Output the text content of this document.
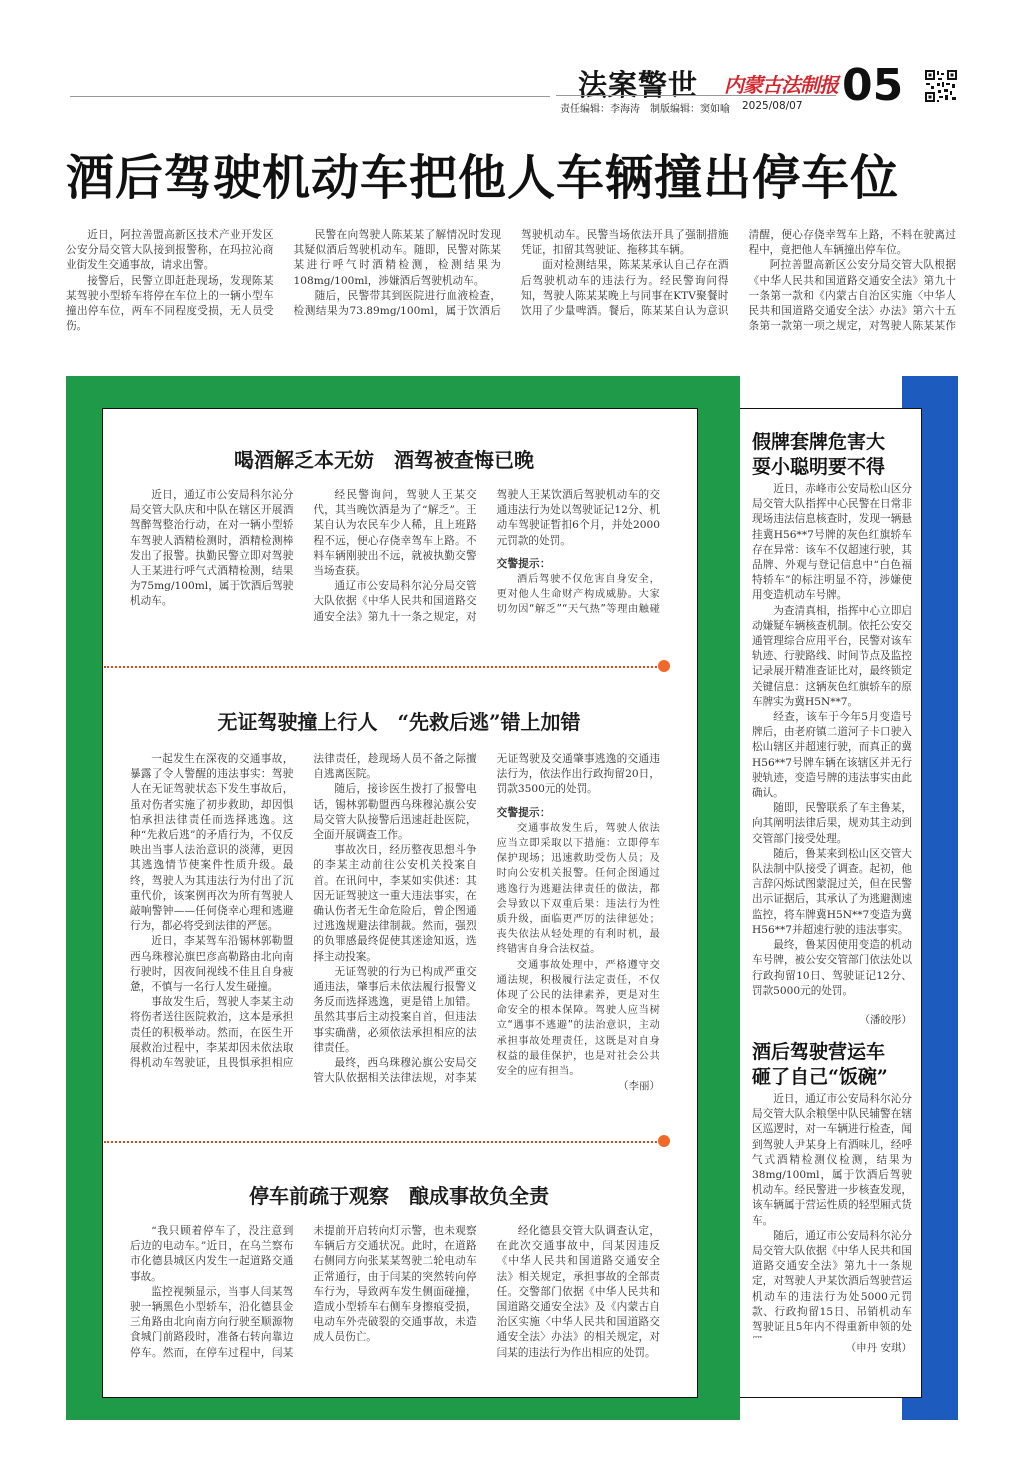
法案警世 内蒙古法制报 05
责任编辑：李海涛　制版编辑：窦如喻 2025/08/07
酒后驾驶机动车把他人车辆撞出停车位

近日，阿拉善盟高新区技术产业开发区公安分局交管大队接到报警称，在玛拉沁商业街发生交通事故，请求出警。

接警后，民警立即赶赴现场，发现陈某某驾驶小型轿车将停在车位上的一辆小型车撞出停车位，两车不同程度受损，无人员受伤。

民警在向驾驶人陈某某了解情况时发现其疑似酒后驾驶机动车。随即，民警对陈某某进行呼气时酒精检测，检测结果为108mg/100ml，涉嫌酒后驾驶机动车。

随后，民警带其到医院进行血液检查，检测结果为73.89mg/100ml，属于饮酒后驾驶机动车。民警当场依法开具了强制措施凭证，扣留其驾驶证、拖移其车辆。

面对检测结果，陈某某承认自己存在酒后驾驶机动车的违法行为。经民警询问得知，驾驶人陈某某晚上与同事在KTV聚餐时饮用了少量啤酒。餐后，陈某某自认为意识清醒，便心存侥幸驾车上路，不料在驶离过程中，竟把他人车辆撞出停车位。

阿拉善盟高新区公安分局交管大队根据《中华人民共和国道路交通安全法》第九十一条第一款和《内蒙古自治区实施〈中华人民共和国道路交通安全法〉办法》第六十五条第一款第一项之规定，对驾驶人陈某某作

喝酒解乏本无妨　酒驾被查悔已晚

近日，通辽市公安局科尔沁分局交管大队庆和中队在辖区开展酒驾醉驾整治行动，在对一辆小型轿车驾驶人酒精检测时，酒精检测棒发出了报警。执勤民警立即对驾驶人王某进行呼气式酒精检测，结果为75mg/100ml，属于饮酒后驾驶机动车。

经民警询问，驾驶人王某交代，其当晚饮酒是为了“解乏”。王某自认为农民车少人稀，且上班路程不远，便心存侥幸驾车上路。不料车辆刚驶出不远，就被执勤交警当场查获。

通辽市公安局科尔沁分局交管大队依据《中华人民共和国道路交通安全法》第九十一条之规定，对驾驶人王某饮酒后驾驶机动车的交通违法行为处以驾驶证记12分、机动车驾驶证暂扣6个月，并处2000元罚款的处罚。

交警提示：

酒后驾驶不仅危害自身安全，更对他人生命财产构成威胁。大家切勿因“解乏”“天气热”等理由触碰

无证驾驶撞上行人　“先救后逃”错上加错

一起发生在深夜的交通事故，暴露了令人警醒的违法事实：驾驶人在无证驾驶状态下发生事故后，虽对伤者实施了初步救助，却因惧怕承担法律责任而选择逃逸。这种“先救后逃”的矛盾行为，不仅反映出当事人法治意识的淡薄，更因其逃逸情节使案件性质升级。最终，驾驶人为其违法行为付出了沉重代价，该案例再次为所有驾驶人敲响警钟——任何侥幸心理和逃避行为，都必将受到法律的严惩。

近日，李某驾车沿锡林郭勒盟西乌珠穆沁旗巴彦高勒路由北向南行驶时，因夜间视线不佳且自身疲惫，不慎与一名行人发生碰撞。

事故发生后，驾驶人李某主动将伤者送往医院救治，这本是承担责任的积极举动。然而，在医生开展救治过程中，李某却因未依法取得机动车驾驶证，且畏惧承担相应法律责任，趁现场人员不备之际擅自逃离医院。

随后，接诊医生拨打了报警电话，锡林郭勒盟西乌珠穆沁旗公安局交管大队接警后迅速赶赴医院，全面开展调查工作。

事故次日，经历整夜思想斗争的李某主动前往公安机关投案自首。在讯问中，李某如实供述：其因无证驾驶这一重大违法事实，在确认伤者无生命危险后，曾企图通过逃逸规避法律制裁。然而，强烈的负罪感最终促使其迷途知返，选择主动投案。

无证驾驶的行为已构成严重交通违法，肇事后未依法履行报警义务反而选择逃逸，更是错上加错。虽然其事后主动投案自首，但违法事实确凿，必须依法承担相应的法律责任。

最终，西乌珠穆沁旗公安局交管大队依据相关法律法规，对李某无证驾驶及交通肇事逃逸的交通违法行为，依法作出行政拘留20日，罚款3500元的处罚。

交警提示：

交通事故发生后，驾驶人依法应当立即采取以下措施：立即停车保护现场；迅速救助受伤人员；及时向公安机关报警。任何企图通过逃逸行为逃避法律责任的做法，都会导致以下双重后果：违法行为性质升级，面临更严厉的法律惩处；丧失依法从轻处理的有利时机，最终错害自身合法权益。

交通事故处理中，严格遵守交通法规，积极履行法定责任，不仅体现了公民的法律素养，更是对生命安全的根本保障。驾驶人应当树立“遇事不逃避”的法治意识，主动承担事故处理责任，这既是对自身权益的最佳保护，也是对社会公共安全的应有担当。

（李丽）

停车前疏于观察　酿成事故负全责

“我只顾着停车了，没注意到后边的电动车。”近日，在乌兰察布市化德县城区内发生一起道路交通事故。

监控视频显示，当事人闫某驾驶一辆黑色小型轿车，沿化德县金三角路由北向南方向行驶至顺源物食城门前路段时，准备右转向靠边停车。然而，在停车过程中，闫某未提前开启转向灯示警，也未观察车辆后方交通状况。此时，在道路右侧同方向张某某驾驶二轮电动车正常通行，由于闫某的突然转向停车行为，导致两车发生侧面碰撞，造成小型轿车右侧车身擦痕受损，电动车外壳破裂的交通事故，未造成人员伤亡。

经化德县交管大队调查认定，在此次交通事故中，闫某因违反《中华人民共和国道路交通安全法》相关规定，承担事故的全部责任。交警部门依据《中华人民共和国道路交通安全法》及《内蒙古自治区实施〈中华人民共和国道路交通安全法〉办法》的相关规定，对闫某的违法行为作出相应的处罚。

假牌套牌危害大　耍小聪明要不得

近日，赤峰市公安局松山区分局交管大队指挥中心民警在日常非现场违法信息核查时，发现一辆悬挂冀H56**7号牌的灰色红旗轿车存在异常：该车不仅超速行驶，其品牌、外观与登记信息中“白色福特轿车”的标注明显不符，涉嫌使用变造机动车号牌。

为查清真相，指挥中心立即启动嫌疑车辆核查机制。依托公安交通管理综合应用平台，民警对该车轨迹、行驶路线、时间节点及监控记录展开精准查证比对，最终锁定关键信息：这辆灰色红旗轿车的原车牌实为冀H5N**7。

经查，该车于今年5月变造号牌后，由老府镇二道河子卡口驶入松山辖区并超速行驶，而真正的冀H56**7号牌车辆在该辖区并无行驶轨迹，变造号牌的违法事实由此确认。

随即，民警联系了车主鲁某，向其阐明法律后果，规劝其主动到交管部门接受处理。

随后，鲁某来到松山区交管大队法制中队接受了调查。起初，他言辞闪烁试图蒙混过关，但在民警出示证据后，其承认了为逃避测速监控，将车牌冀H5N**7变造为冀H56**7并超速行驶的违法事实。

最终，鲁某因使用变造的机动车号牌，被公安交管部门依法处以行政拘留10日、驾驶证记12分、罚款5000元的处罚。

（潘皎彤）
酒后驾驶营运车　砸了自己“饭碗”

近日，通辽市公安局科尔沁分局交管大队余粮堡中队民辅警在辖区巡逻时，对一车辆进行检查，闻到驾驶人尹某身上有酒味儿，经呼气式酒精检测仪检测，结果为38mg/100ml，属于饮酒后驾驶机动车。经民警进一步核查发现，该车辆属于营运性质的轻型厢式货车。

随后，通辽市公安局科尔沁分局交管大队依据《中华人民共和国道路交通安全法》第九十一条规定，对驾驶人尹某饮酒后驾驶营运机动车的违法行为处5000元罚款、行政拘留15日、吊销机动车驾驶证且5年内不得重新申领的处

（申丹 安琪）
